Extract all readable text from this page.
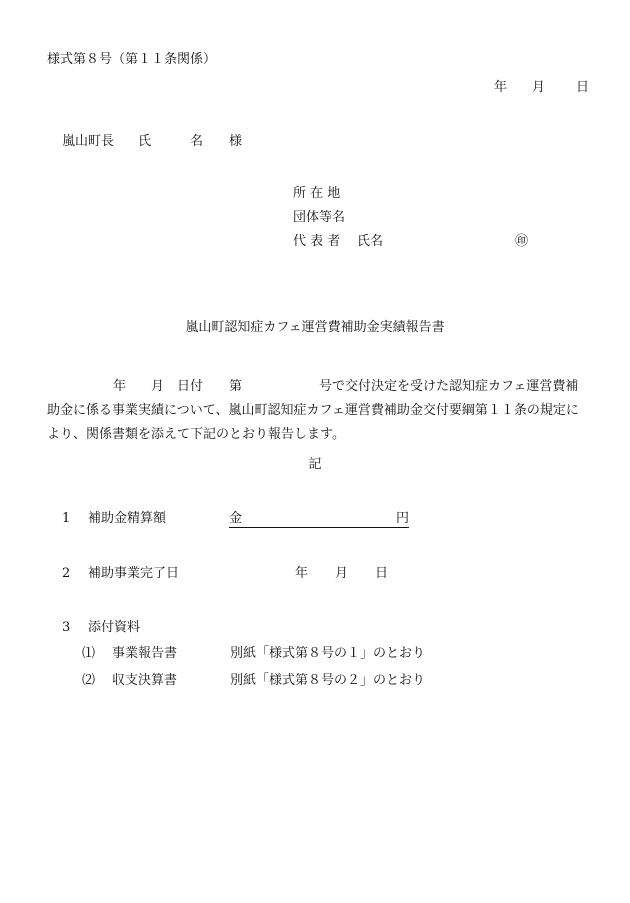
様式第８号（第１１条関係）
年 月 日
嵐山町長 氏	名 様
所 在 地
団体等名
代 表 者 氏名	㊞
嵐山町認知症カフェ運営費補助金実績報告書
年 月 日付 第	号で交付決定を受けた認知症カフェ運営費補
助金に係る事業実績について、嵐山町認知症カフェ運営費補助金交付要綱第１１条の規定に
より、関係書類を添えて下記のとおり報告します。
記
1 補助金精算額	金	円
2 補助事業完了日	年 月 日
3 添付資料
⑴ 事業報告書	別紙「様式第８号の１」のとおり
⑵ 収支決算書	別紙「様式第８号の２」のとおり
